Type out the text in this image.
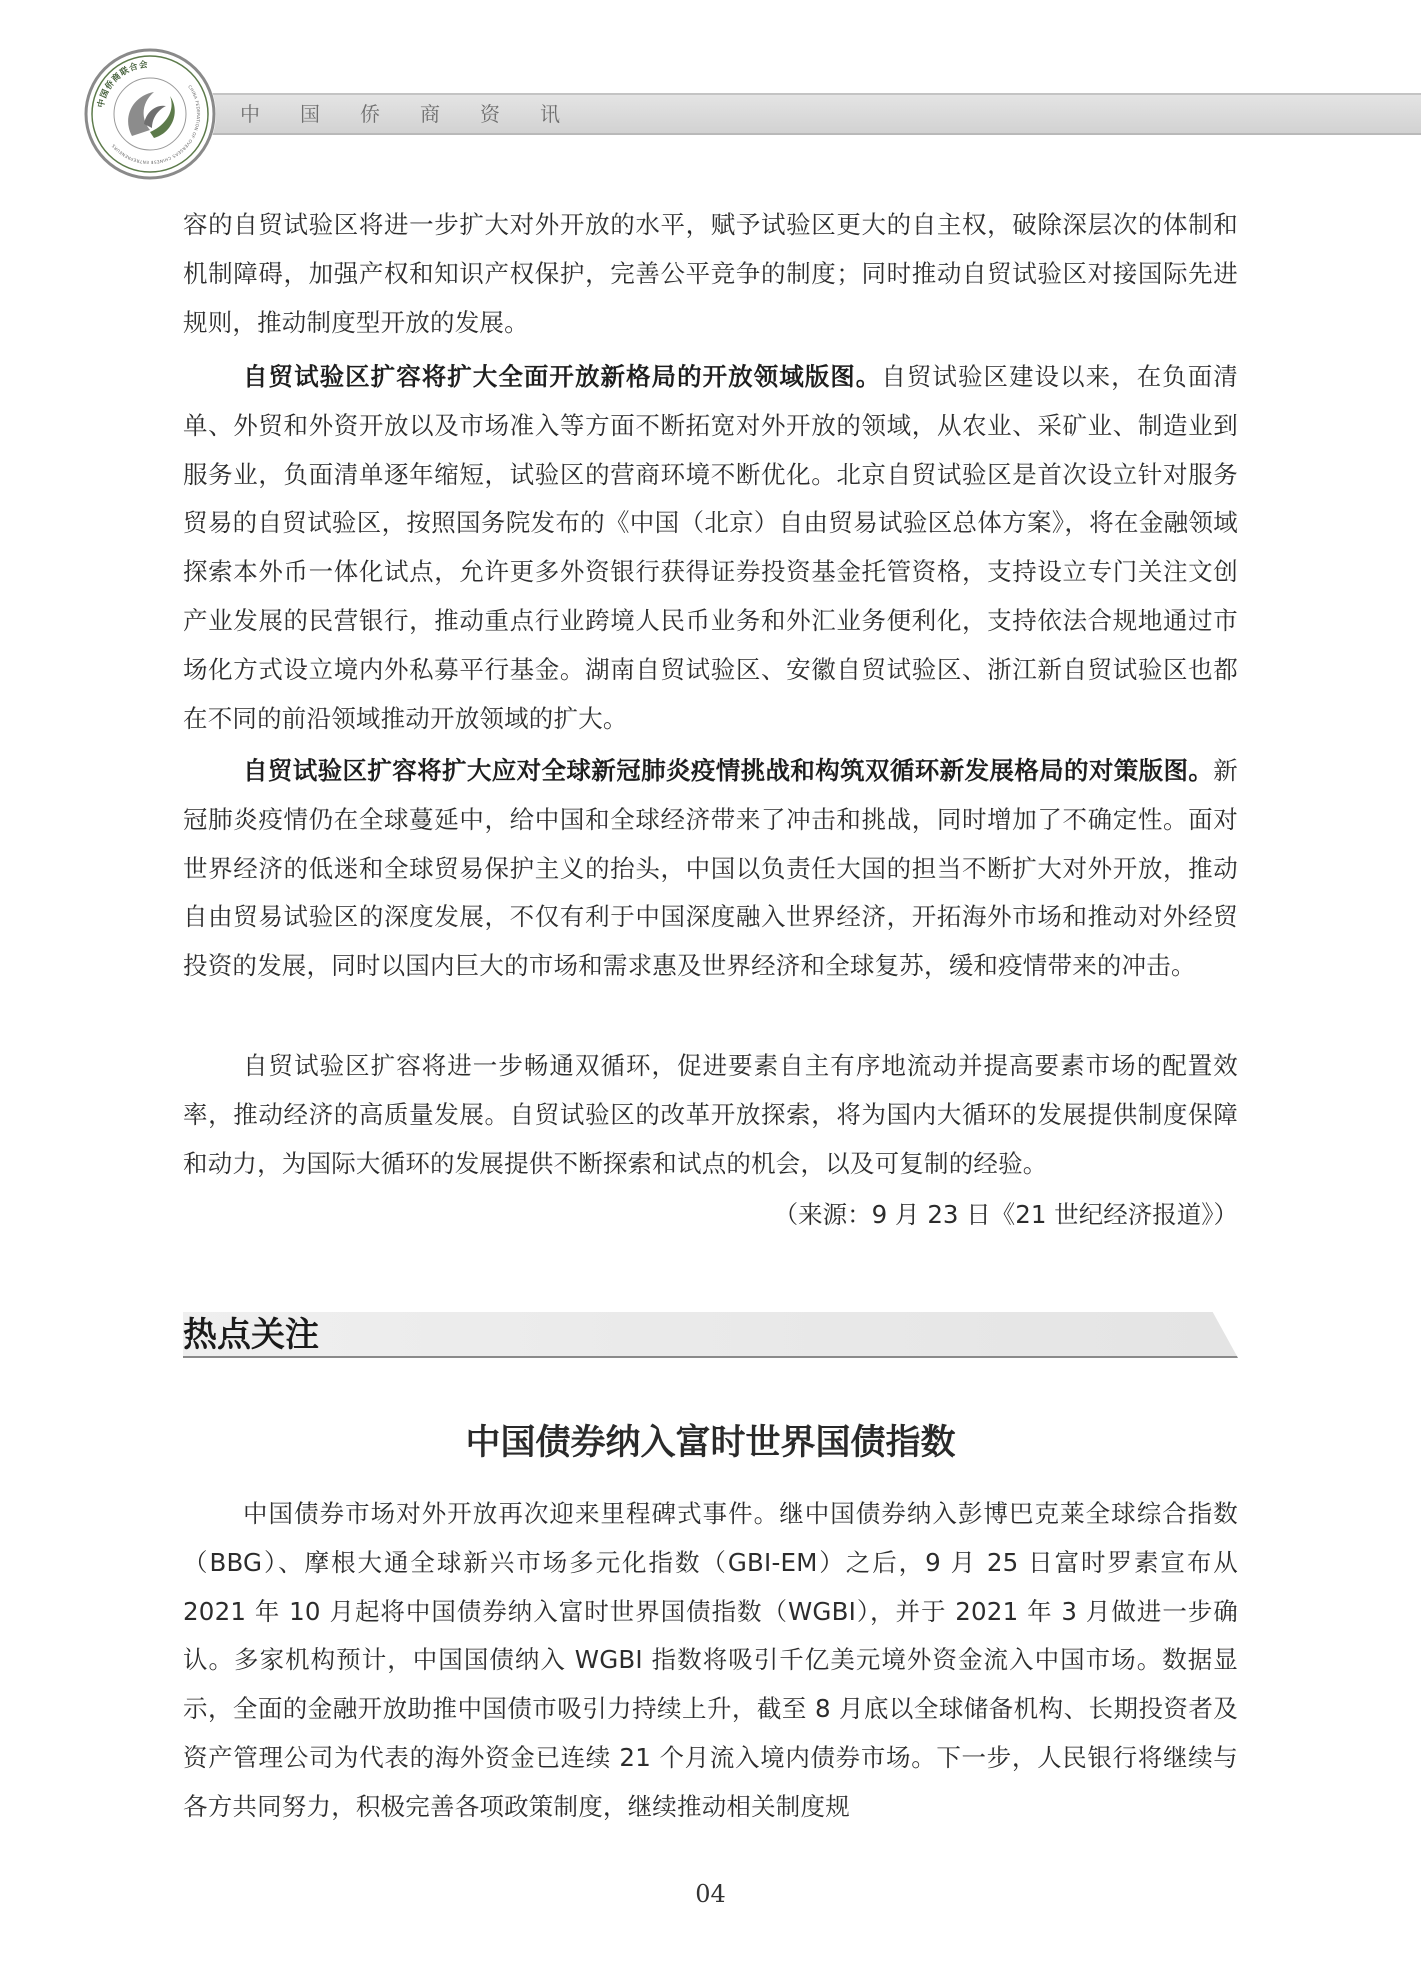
中国侨商资讯
中国侨商联合会
CHINA FEDERATION OF OVERSEAS CHINESE ENTREPRENEURS

容的自贸试验区将进一步扩大对外开放的水平，赋予试验区更大的自主权，破除深层次的体制和机制障碍，加强产权和知识产权保护，完善公平竞争的制度；同时推动自贸试验区对接国际先进规则，推动制度型开放的发展。

自贸试验区扩容将扩大全面开放新格局的开放领域版图。自贸试验区建设以来，在负面清单、外贸和外资开放以及市场准入等方面不断拓宽对外开放的领域，从农业、采矿业、制造业到服务业，负面清单逐年缩短，试验区的营商环境不断优化。北京自贸试验区是首次设立针对服务贸易的自贸试验区，按照国务院发布的《中国（北京）自由贸易试验区总体方案》，将在金融领域探索本外币一体化试点，允许更多外资银行获得证券投资基金托管资格，支持设立专门关注文创产业发展的民营银行，推动重点行业跨境人民币业务和外汇业务便利化，支持依法合规地通过市场化方式设立境内外私募平行基金。湖南自贸试验区、安徽自贸试验区、浙江新自贸试验区也都在不同的前沿领域推动开放领域的扩大。

自贸试验区扩容将扩大应对全球新冠肺炎疫情挑战和构筑双循环新发展格局的对策版图。新冠肺炎疫情仍在全球蔓延中，给中国和全球经济带来了冲击和挑战，同时增加了不确定性。面对世界经济的低迷和全球贸易保护主义的抬头，中国以负责任大国的担当不断扩大对外开放，推动自由贸易试验区的深度发展，不仅有利于中国深度融入世界经济，开拓海外市场和推动对外经贸投资的发展，同时以国内巨大的市场和需求惠及世界经济和全球复苏，缓和疫情带来的冲击。

自贸试验区扩容将进一步畅通双循环，促进要素自主有序地流动并提高要素市场的配置效率，推动经济的高质量发展。自贸试验区的改革开放探索，将为国内大循环的发展提供制度保障和动力，为国际大循环的发展提供不断探索和试点的机会，以及可复制的经验。

（来源：9 月 23 日《21 世纪经济报道》）
热点关注
中国债券纳入富时世界国债指数

中国债券市场对外开放再次迎来里程碑式事件。继中国债券纳入彭博巴克莱全球综合指数（BBG）、摩根大通全球新兴市场多元化指数（GBI-EM）之后，9 月 25 日富时罗素宣布从 2021 年 10 月起将中国债券纳入富时世界国债指数（WGBI），并于 2021 年 3 月做进一步确认。多家机构预计，中国国债纳入 WGBI 指数将吸引千亿美元境外资金流入中国市场。数据显示，全面的金融开放助推中国债市吸引力持续上升，截至 8 月底以全球储备机构、长期投资者及资产管理公司为代表的海外资金已连续 21 个月流入境内债券市场。下一步，人民银行将继续与各方共同努力，积极完善各项政策制度，继续推动相关制度规

04
